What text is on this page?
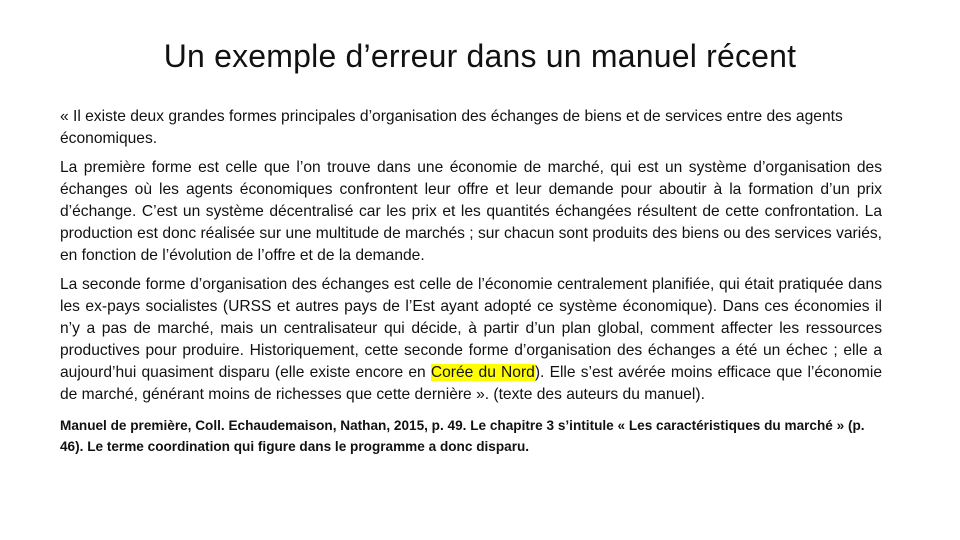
Un exemple d’erreur dans un manuel récent

« Il existe deux grandes formes principales d’organisation des échanges de biens et de services entre des agents économiques.

La première forme est celle que l’on trouve dans une économie de marché, qui est un système d’organisation des échanges où les agents économiques confrontent leur offre et leur demande pour aboutir à la formation d’un prix d’échange. C’est un système décentralisé car les prix et les quantités échangées résultent de cette confrontation. La production est donc réalisée sur une multitude de marchés ; sur chacun sont produits des biens ou des services variés, en fonction de l’évolution de l’offre et de la demande.

La seconde forme d’organisation des échanges est celle de l’économie centralement planifiée, qui était pratiquée dans les ex-pays socialistes (URSS et autres pays de l’Est ayant adopté ce système économique). Dans ces économies il n’y a pas de marché, mais un centralisateur qui décide, à partir d’un plan global, comment affecter les ressources productives pour produire. Historiquement, cette seconde forme d’organisation des échanges a été un échec ; elle a aujourd’hui quasiment disparu (elle existe encore en Corée du Nord). Elle s’est avérée moins efficace que l’économie de marché, générant moins de richesses que cette dernière ». (texte des auteurs du manuel).

Manuel de première, Coll. Echaudemaison, Nathan, 2015, p. 49. Le chapitre 3 s’intitule « Les caractéristiques du marché » (p. 46). Le terme coordination qui figure dans le programme a donc disparu.
